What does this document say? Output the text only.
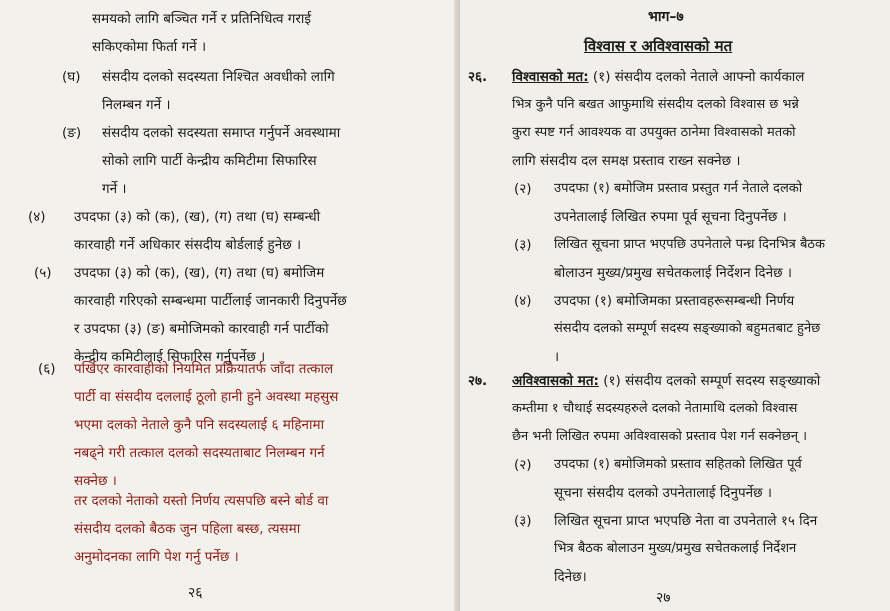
समयको लागि बञ्चित गर्ने र प्रतिनिधित्व गराई
सकिएकोमा फिर्ता गर्ने ।
(घ) संसदीय दलको सदस्यता निश्चित अवधीको लागि
निलम्बन गर्ने ।
(ङ) संसदीय दलको सदस्यता समाप्त गर्नुपर्ने अवस्थामा
सोको लागि पार्टी केन्द्रीय कमिटीमा सिफारिस
गर्ने ।
(४) उपदफा (३) को (क), (ख), (ग) तथा (घ) सम्बन्धी
कारवाही गर्ने अधिकार संसदीय बोर्डलाई हुनेछ ।
(५) उपदफा (३) को (क), (ख), (ग) तथा (घ) बमोजिम
कारवाही गरिएको सम्बन्धमा पार्टीलाई जानकारी दिनुपर्नेछ
र उपदफा (३) (ङ) बमोजिमको कारवाही गर्न पार्टीको
केन्द्रीय कमिटीलाई सिफारिस गर्नुपर्नेछ ।
(६) पर्खिएर कारवाहीको नियमित प्रक्रियातर्फ जाँदा तत्काल
पार्टी वा संसदीय दललाई ठूलो हानी हुने अवस्था महसुस
भएमा दलको नेताले कुनै पनि सदस्यलाई ६ महिनामा
नबढ्ने गरी तत्काल दलको सदस्यताबाट निलम्बन गर्न
सक्नेछ ।
तर दलको नेताको यस्तो निर्णय त्यसपछि बस्ने बोर्ड वा
संसदीय दलको बैठक जुन पहिला बस्छ, त्यसमा
अनुमोदनका लागि पेश गर्नु पर्नेछ ।
२६
भाग–७
विश्वास र अविश्वासको मत
२६. विश्वासको मत: (१) संसदीय दलको नेताले आफ्नो कार्यकाल
भित्र कुनै पनि बखत आफुमाथि संसदीय दलको विश्वास छ भन्ने
कुरा स्पष्ट गर्न आवश्यक वा उपयुक्त ठानेमा विश्वासको मतको
लागि संसदीय दल समक्ष प्रस्ताव राख्न सक्नेछ ।
(२) उपदफा (१) बमोजिम प्रस्ताव प्रस्तुत गर्न नेताले दलको
उपनेतालाई लिखित रुपमा पूर्व सूचना दिनुपर्नेछ ।
(३) लिखित सूचना प्राप्त भएपछि उपनेताले पन्ध्र दिनभित्र बैठक
बोलाउन मुख्य/प्रमुख सचेतकलाई निर्देशन दिनेछ ।
(४) उपदफा (१) बमोजिमका प्रस्तावहरूसम्बन्धी निर्णय
संसदीय दलको सम्पूर्ण सदस्य सङ्ख्याको बहुमतबाट हुनेछ
।
२७. अविश्वासको मत: (१) संसदीय दलको सम्पूर्ण सदस्य सङ्ख्याको
कम्तीमा १ चौथाई सदस्यहरुले दलको नेतामाथि दलको विश्वास
छैन भनी लिखित रुपमा अविश्वासको प्रस्ताव पेश गर्न सक्नेछन् ।
(२) उपदफा (१) बमोजिमको प्रस्ताव सहितको लिखित पूर्व
सूचना संसदीय दलको उपनेतालाई दिनुपर्नेछ ।
(३) लिखित सूचना प्राप्त भएपछि नेता वा उपनेताले १५ दिन
भित्र बैठक बोलाउन मुख्य/प्रमुख सचेतकलाई निर्देशन
दिनेछ।
२७
